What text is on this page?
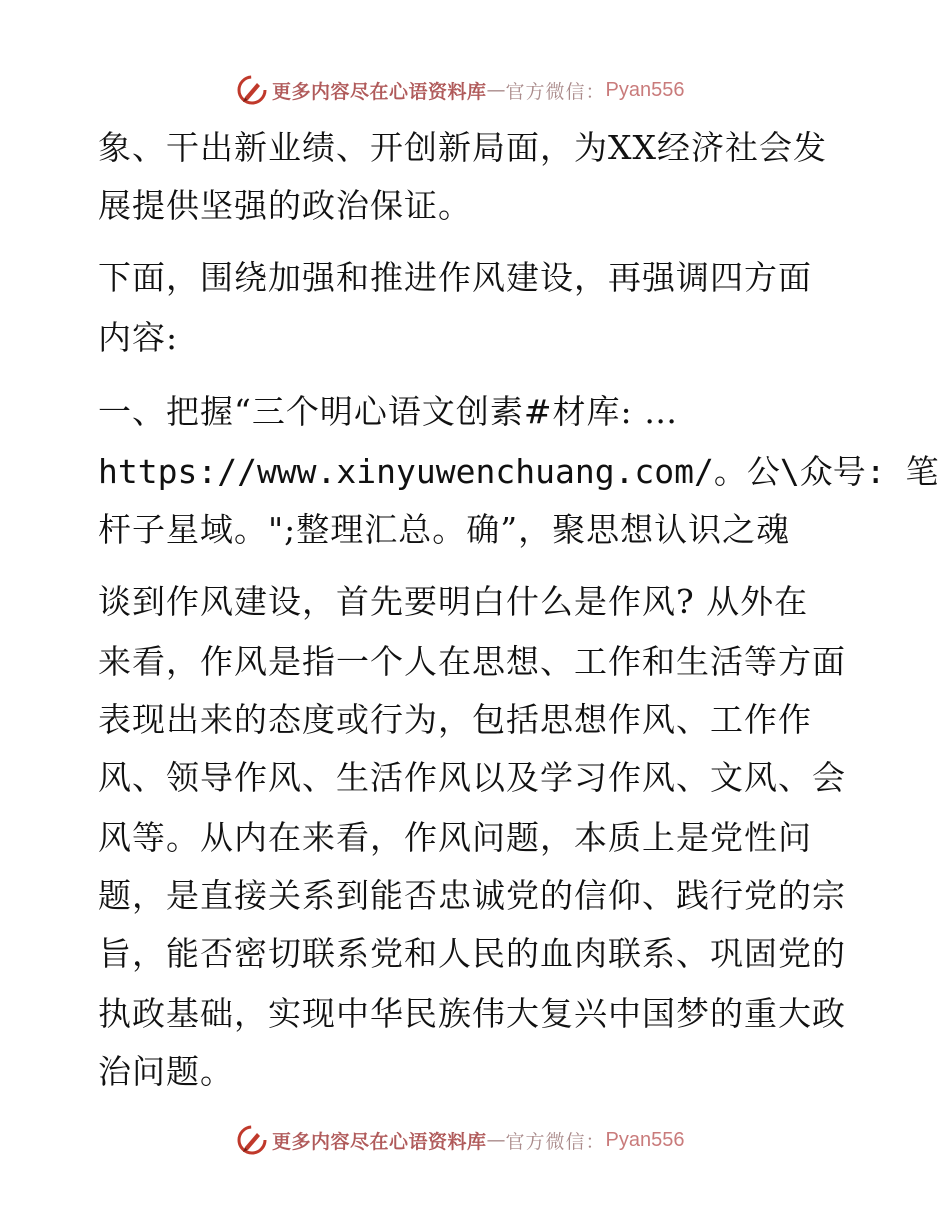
更多内容尽在心语资料库 — 官方微信： Pyan556
象、干出新业绩、开创新局面，为XX经济社会发
展提供坚强的政治保证。
下面，围绕加强和推进作风建设，再强调四方面
内容:
一、把握“三个明心语文创素#材库: …
https://www.xinyuwenchuang.com/。公\众号: 笔
杆子星域。";整理汇总。确”，聚思想认识之魂
谈到作风建设，首先要明白什么是作风? 从外在
来看，作风是指一个人在思想、工作和生活等方面
表现出来的态度或行为，包括思想作风、工作作
风、领导作风、生活作风以及学习作风、文风、会
风等。从内在来看，作风问题，本质上是党性问
题，是直接关系到能否忠诚党的信仰、践行党的宗
旨，能否密切联系党和人民的血肉联系、巩固党的
执政基础，实现中华民族伟大复兴中国梦的重大政
治问题。
更多内容尽在心语资料库 — 官方微信： Pyan556
